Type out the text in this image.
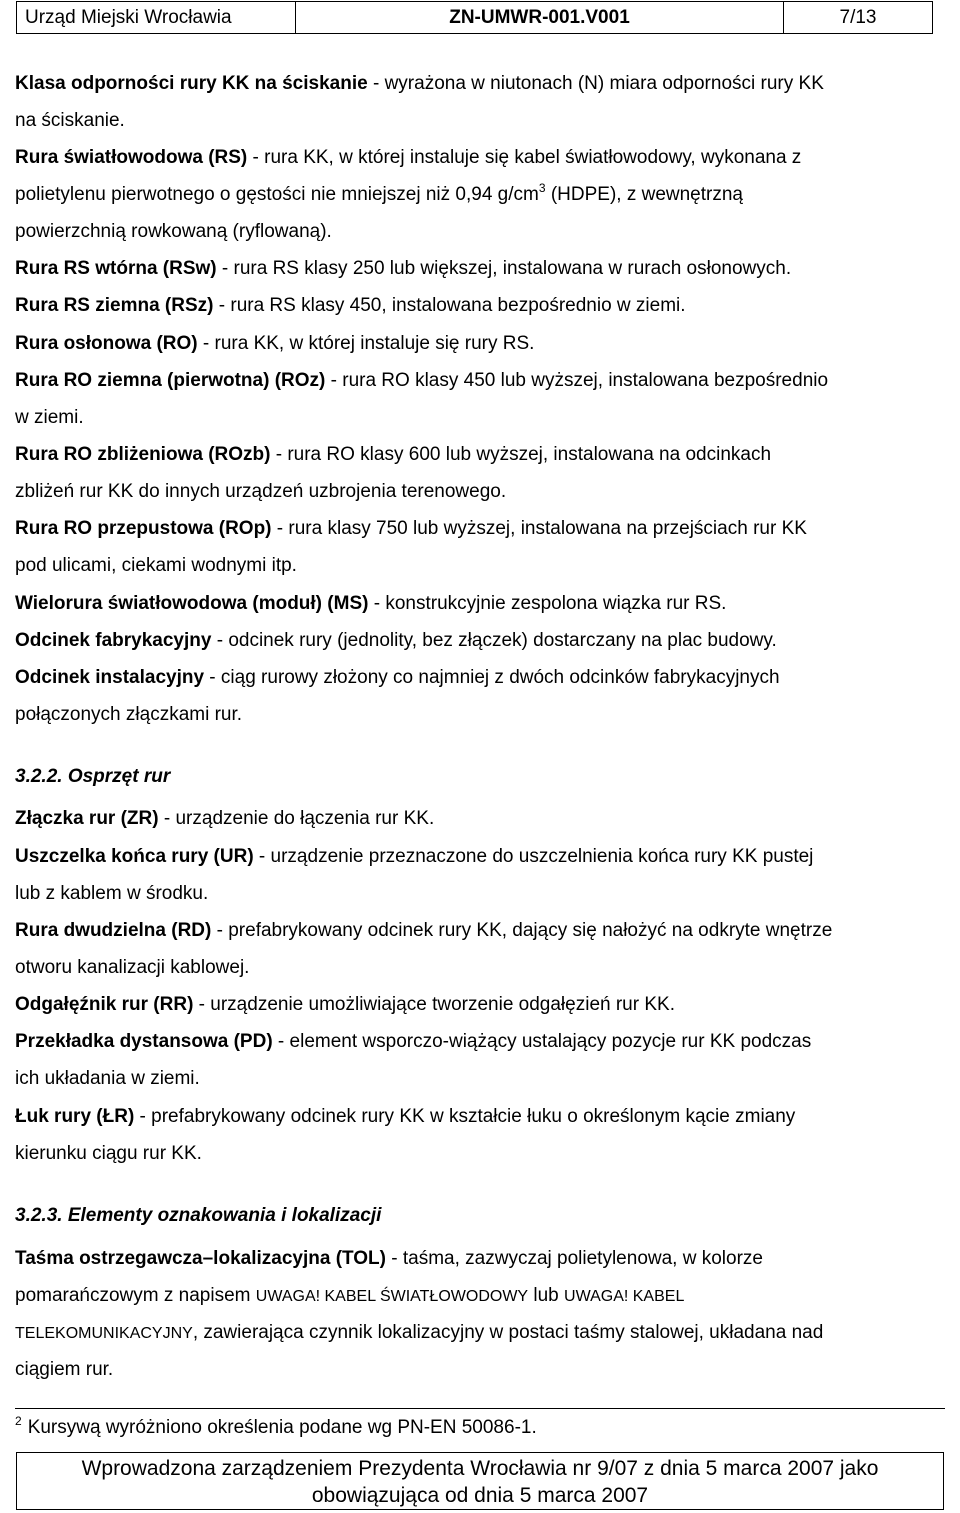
Urząd Miejski Wrocławia	ZN-UMWR-001.V001	7/13
Klasa odporności rury KK na ściskanie - wyrażona w niutonach (N) miara odporności rury KK
na ściskanie.
Rura światłowodowa (RS) - rura KK, w której instaluje się kabel światłowodowy, wykonana z
polietylenu pierwotnego o gęstości nie mniejszej niż 0,94 $g/cm^3$ (HDPE), z wewnętrzną
powierzchnią rowkowaną (ryflowaną).
Rura RS wtórna (RSw) - rura RS klasy 250 lub większej, instalowana w rurach osłonowych.
Rura RS ziemna (RSz) - rura RS klasy 450, instalowana bezpośrednio w ziemi.
Rura osłonowa (RO) - rura KK, w której instaluje się rury RS.
Rura RO ziemna (pierwotna) (ROz) - rura RO klasy 450 lub wyższej, instalowana bezpośrednio
w ziemi.
Rura RO zbliżeniowa (ROzb) - rura RO klasy 600 lub wyższej, instalowana na odcinkach
zbliżeń rur KK do innych urządzeń uzbrojenia terenowego.
Rura RO przepustowa (ROp) - rura klasy 750 lub wyższej, instalowana na przejściach rur KK
pod ulicami, ciekami wodnymi itp.
Wielorura światłowodowa (moduł) (MS) - konstrukcyjnie zespolona wiązka rur RS.
Odcinek fabrykacyjny - odcinek rury (jednolity, bez złączek) dostarczany na plac budowy.
Odcinek instalacyjny - ciąg rurowy złożony co najmniej z dwóch odcinków fabrykacyjnych
połączonych złączkami rur.
3.2.2. Osprzęt rur
Złączka rur (ZR) - urządzenie do łączenia rur KK.
Uszczelka końca rury (UR) - urządzenie przeznaczone do uszczelnienia końca rury KK pustej
lub z kablem w środku.
Rura dwudzielna (RD) - prefabrykowany odcinek rury KK, dający się nałożyć na odkryte wnętrze
otworu kanalizacji kablowej.
Odgałęźnik rur (RR) - urządzenie umożliwiające tworzenie odgałęzień rur KK.
Przekładka dystansowa (PD) - element wsporczo-wiążący ustalający pozycje rur KK podczas
ich układania w ziemi.
Łuk rury (ŁR) - prefabrykowany odcinek rury KK w kształcie łuku o określonym kącie zmiany
kierunku ciągu rur KK.
3.2.3. Elementy oznakowania i lokalizacji
Taśma ostrzegawcza–lokalizacyjna (TOL) - taśma, zazwyczaj polietylenowa, w kolorze
pomarańczowym z napisem UWAGA! KABEL ŚWIATŁOWODOWY lub UWAGA! KABEL
TELEKOMUNIKACYJNY, zawierająca czynnik lokalizacyjny w postaci taśmy stalowej, układana nad
ciągiem rur.
$^2$ Kursywą wyróżniono określenia podane wg PN-EN 50086-1.
Wprowadzona zarządzeniem Prezydenta Wrocławia nr 9/07 z dnia 5 marca 2007 jako
obowiązująca od dnia 5 marca 2007
